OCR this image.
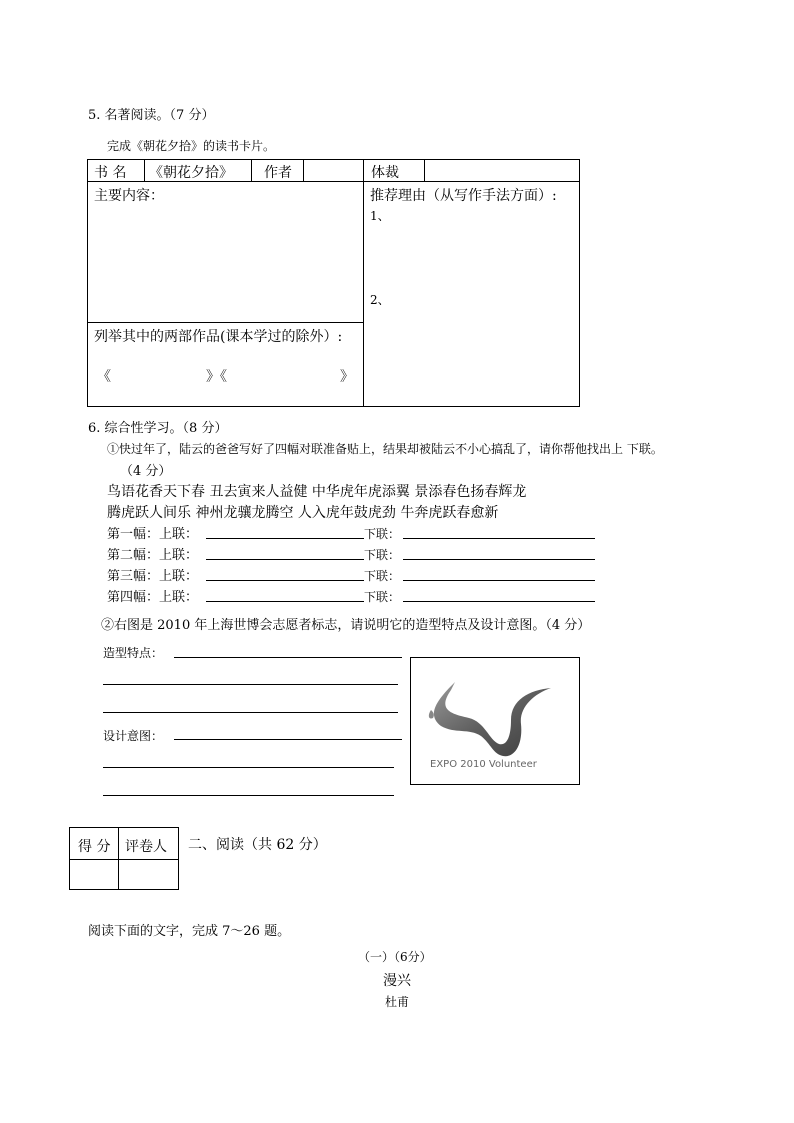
5. 名著阅读。（7 分）
完成《朝花夕拾》的读书卡片。
书 名 《朝花夕拾》 作者	体裁
主要内容：	推荐理由（从写作手法方面）:
1、
2、
列举其中的两部作品(课本学过的除外）:
《	》《	》
6. 综合性学习。（8 分）
①快过年了，陆云的爸爸写好了四幅对联准备贴上，结果却被陆云不小心搞乱了，请你帮他找出上 下联。
（4 分）
鸟语花香天下春 丑去寅来人益健 中华虎年虎添翼 景添春色扬春辉龙
腾虎跃人间乐 神州龙骧龙腾空 人入虎年鼓虎劲 牛奔虎跃春愈新
第一幅：上联：	下联：
第二幅：上联：	下联：
第三幅：上联：	下联：
第四幅：上联：	下联：
②右图是 2010 年上海世博会志愿者标志，请说明它的造型特点及设计意图。（4 分）
造型特点：
设计意图：
EXPO 2010 Volunteer
得 分 评卷人 二、阅读（共 62 分）
阅读下面的文字，完成 7～26 题。
（一）（6分）
漫兴
杜甫
